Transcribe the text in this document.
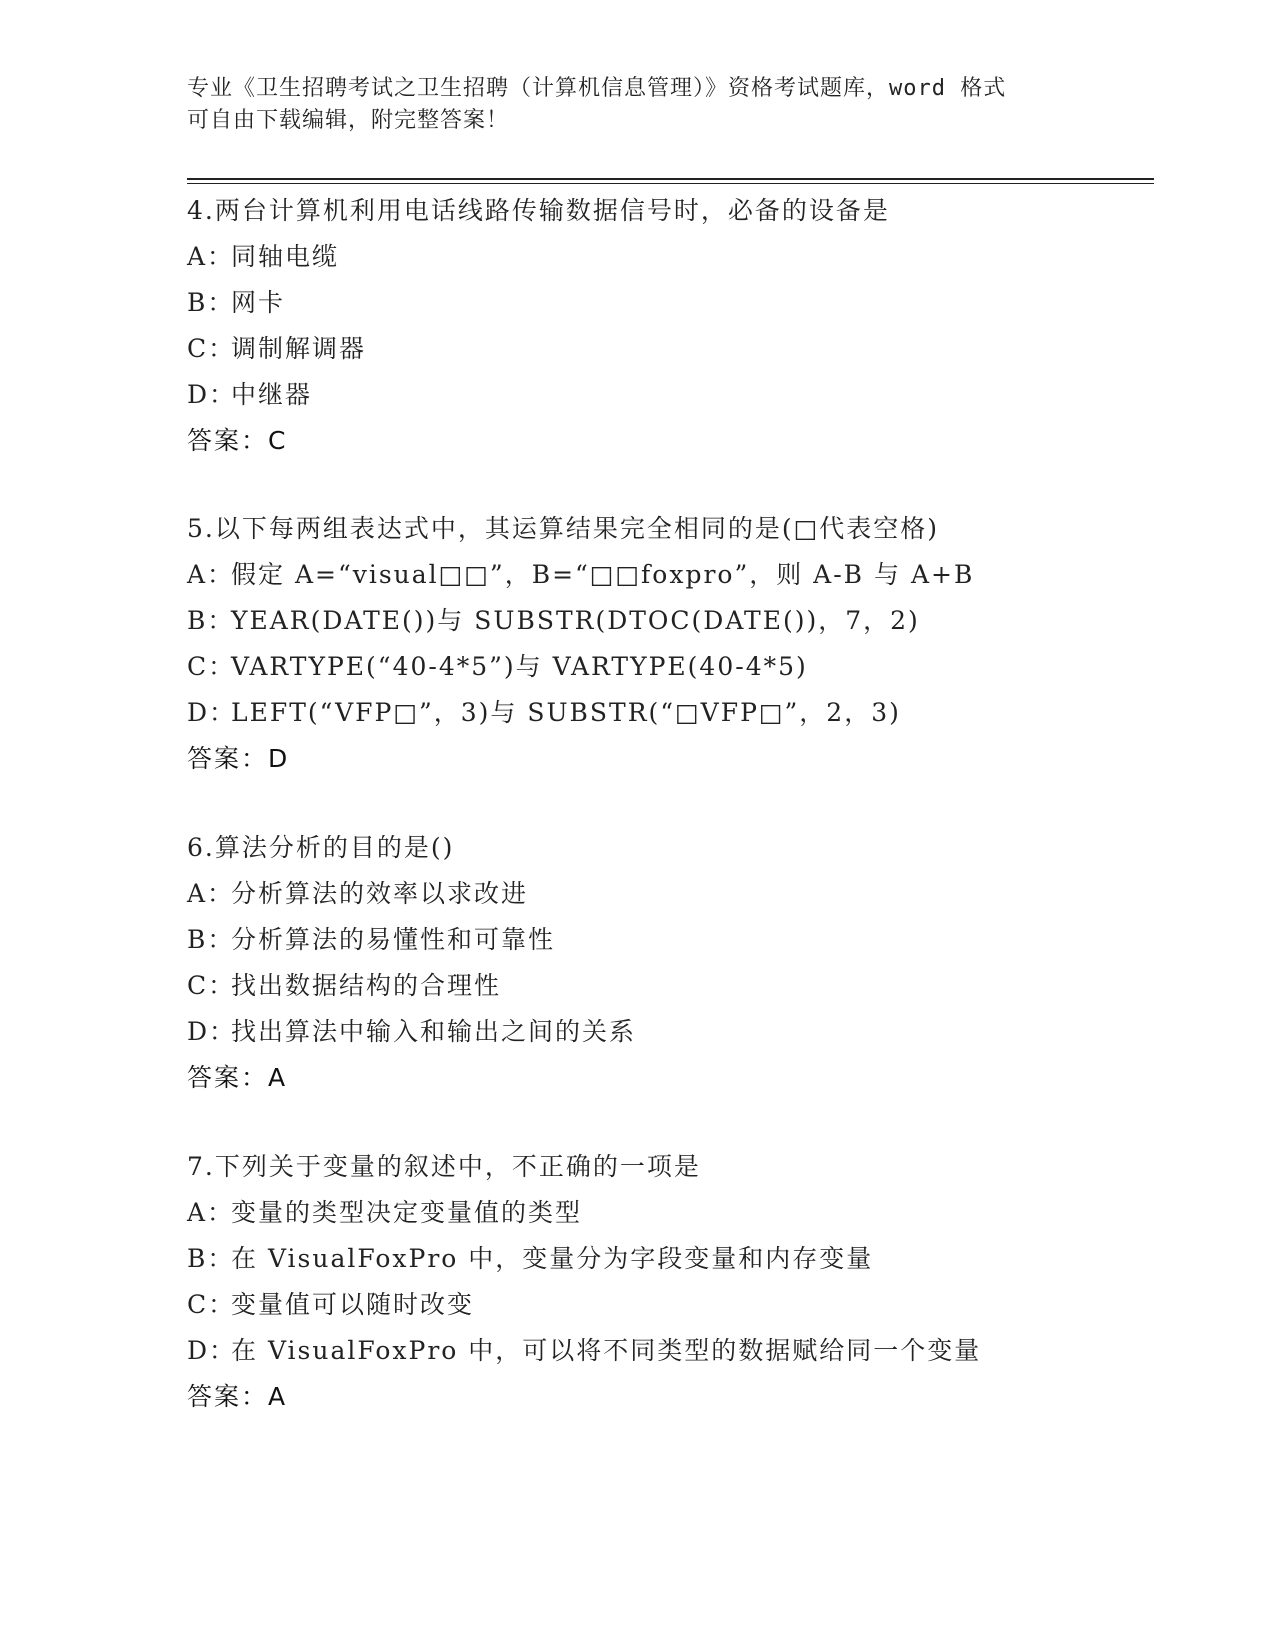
专业《卫生招聘考试之卫生招聘（计算机信息管理）》资格考试题库，word 格式
可自由下载编辑，附完整答案！
4.两台计算机利用电话线路传输数据信号时，必备的设备是
A：
同轴电缆
B：
网卡
C：
调制解调器
D：
中继器
答案：C
5.以下每两组表达式中，其运算结果完全相同的是(□代表空格)
A：
假定 A=“visual□□”，B=“□□foxpro”，则 A-B 与 A+B
B：
YEAR(DATE())与 SUBSTR(DTOC(DATE())，7，2)
C：
VARTYPE(“40-4*5”)与 VARTYPE(40-4*5)
D：
LEFT(“VFP□”，3)与 SUBSTR(“□VFP□”，2，3)
答案：D
6.算法分析的目的是()
A：
分析算法的效率以求改进
B：
分析算法的易懂性和可靠性
C：
找出数据结构的合理性
D：
找出算法中输入和输出之间的关系
答案：A
7.下列关于变量的叙述中，不正确的一项是
A：
变量的类型决定变量值的类型
B：
在 VisualFoxPro 中，变量分为字段变量和内存变量
C：
变量值可以随时改变
D：
在 VisualFoxPro 中，可以将不同类型的数据赋给同一个变量
答案：A
